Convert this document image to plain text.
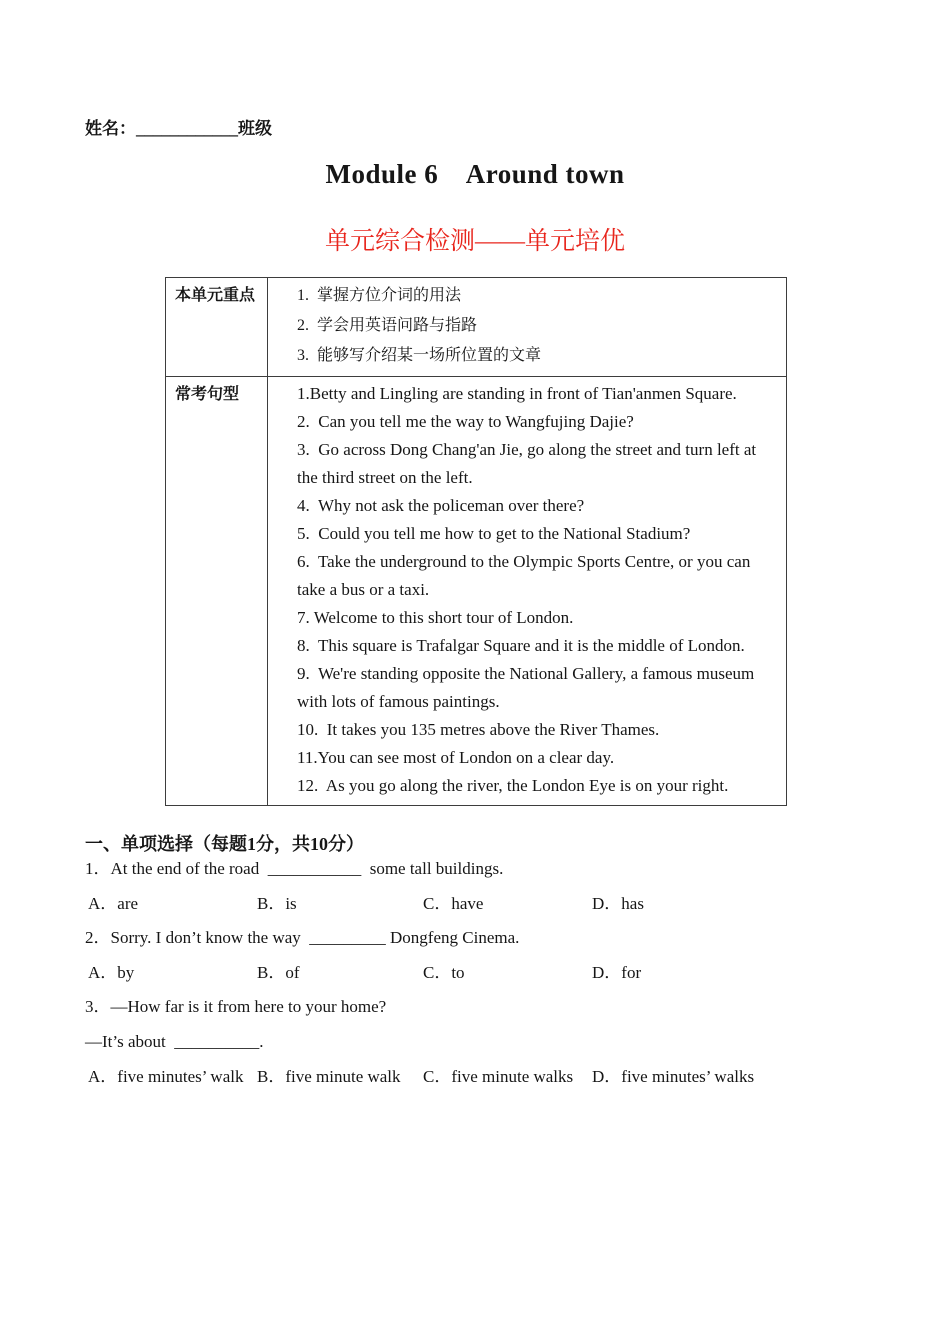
姓名：____________班级
Module 6　Around town
单元综合检测——单元培优
本单元重点	1.  掌握方位介词的用法

2.  学会用英语问路与指路

3.  能够写介绍某一场所位置的文章

常考句型	1.Betty and Lingling are standing in front of Tian'anmen Square.

2.  Can you tell me the way to Wangfujing Dajie?

3.  Go across Dong Chang'an Jie, go along the street and turn left at the third street on the left.

4.  Why not ask the policeman over there?

5.  Could you tell me how to get to the National Stadium?

6.  Take the underground to the Olympic Sports Centre, or you can take a bus or a taxi.

7. Welcome to this short tour of London.

8.  This square is Trafalgar Square and it is the middle of London.

9.  We're standing opposite the National Gallery, a famous museum with lots of famous paintings.

10.  It takes you 135 metres above the River Thames.

11.You can see most of London on a clear day.

12.  As you go along the river, the London Eye is on your right.

一、单项选择（每题1分，共10分）
1．At the end of the road  ___________  some tall buildings.
A．are	B．is	C．have	D．has
2．Sorry. I don’t know the way  _________ Dongfeng Cinema.
A．by	B．of	C．to	D．for
3．—How far is it from here to your home?
—It’s about  __________.
A．five minutes’ walk B．five minute walk	C．five minute walks	D．five minutes’ walks
